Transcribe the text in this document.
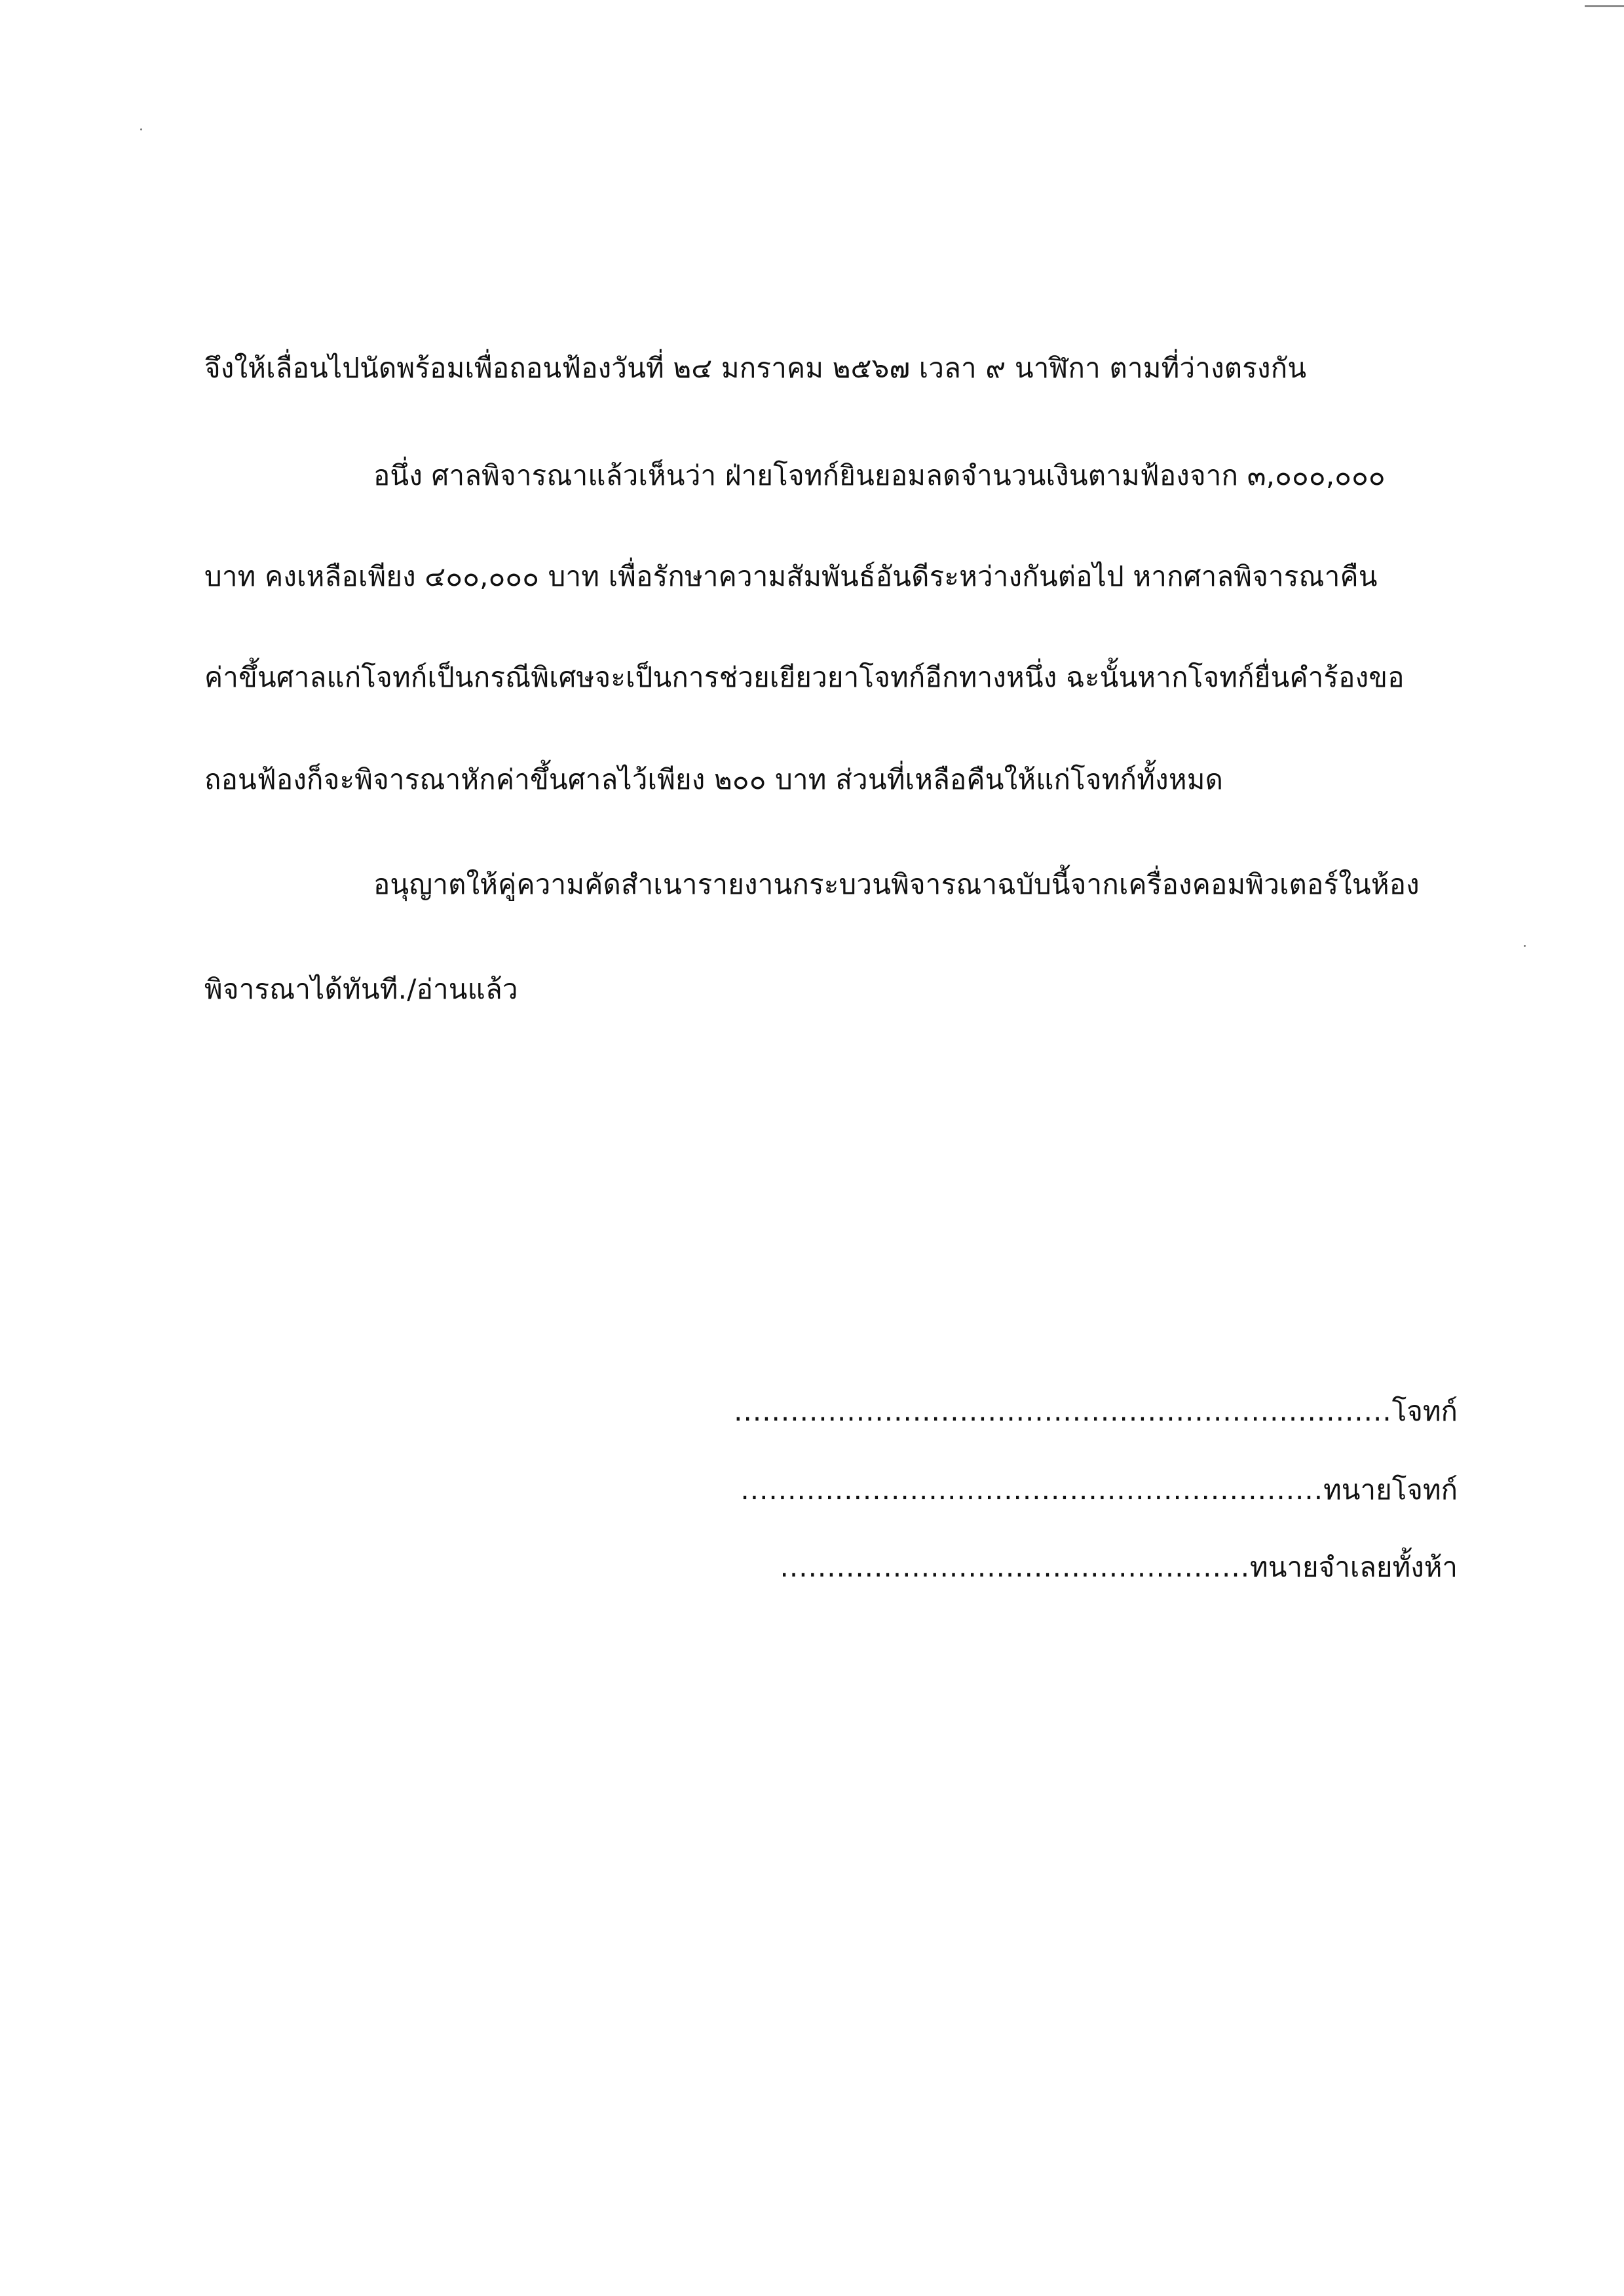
จึงให้เลื่อนไปนัดพร้อมเพื่อถอนฟ้องวันที่ ๒๔ มกราคม ๒๕๖๗ เวลา ๙ นาฬิกา ตามที่ว่างตรงกัน
อนึ่ง ศาลพิจารณาแล้วเห็นว่า ฝ่ายโจทก์ยินยอมลดจำนวนเงินตามฟ้องจาก ๓,๐๐๐,๐๐๐
บาท คงเหลือเพียง ๔๐๐,๐๐๐ บาท เพื่อรักษาความสัมพันธ์อันดีระหว่างกันต่อไป หากศาลพิจารณาคืน
ค่าขึ้นศาลแก่โจทก์เป็นกรณีพิเศษจะเป็นการช่วยเยียวยาโจทก์อีกทางหนึ่ง ฉะนั้นหากโจทก์ยื่นคำร้องขอ
ถอนฟ้องก็จะพิจารณาหักค่าขึ้นศาลไว้เพียง ๒๐๐ บาท ส่วนที่เหลือคืนให้แก่โจทก์ทั้งหมด
อนุญาตให้คู่ความคัดสำเนารายงานกระบวนพิจารณาฉบับนี้จากเครื่องคอมพิวเตอร์ในห้อง
พิจารณาได้ทันที./อ่านแล้ว
......................................................................โจทก์
..............................................................ทนายโจทก์
..................................................ทนายจำเลยทั้งห้า
